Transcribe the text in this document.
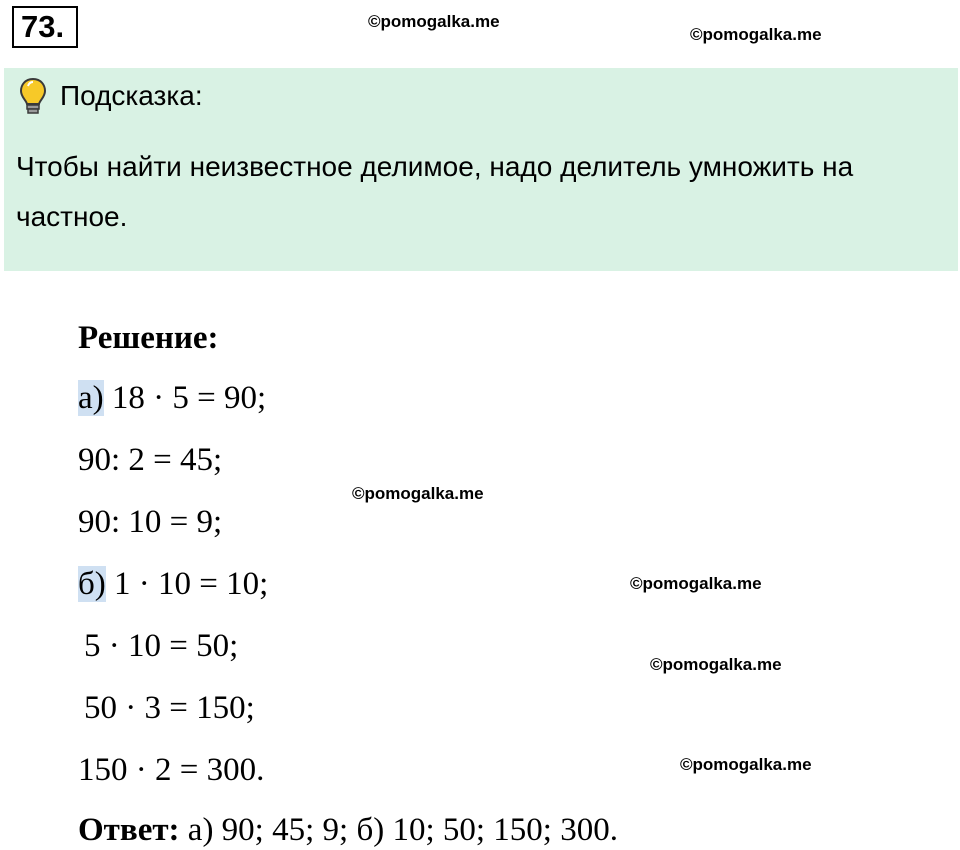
73.	©pomogalka.me
©pomogalka.me
Подсказка:
Чтобы найти неизвестное делимое, надо делитель умножить на частное.
Решение:
а) 18 · 5 = 90;
90: 2 = 45;
90: 10 = 9;
б) 1 · 10 = 10;
5 · 10 = 50;
50 · 3 = 150;
150 · 2 = 300.
Ответ: а) 90; 45; 9; б) 10; 50; 150; 300.
©pomogalka.me
©pomogalka.me
©pomogalka.me
©pomogalka.me
